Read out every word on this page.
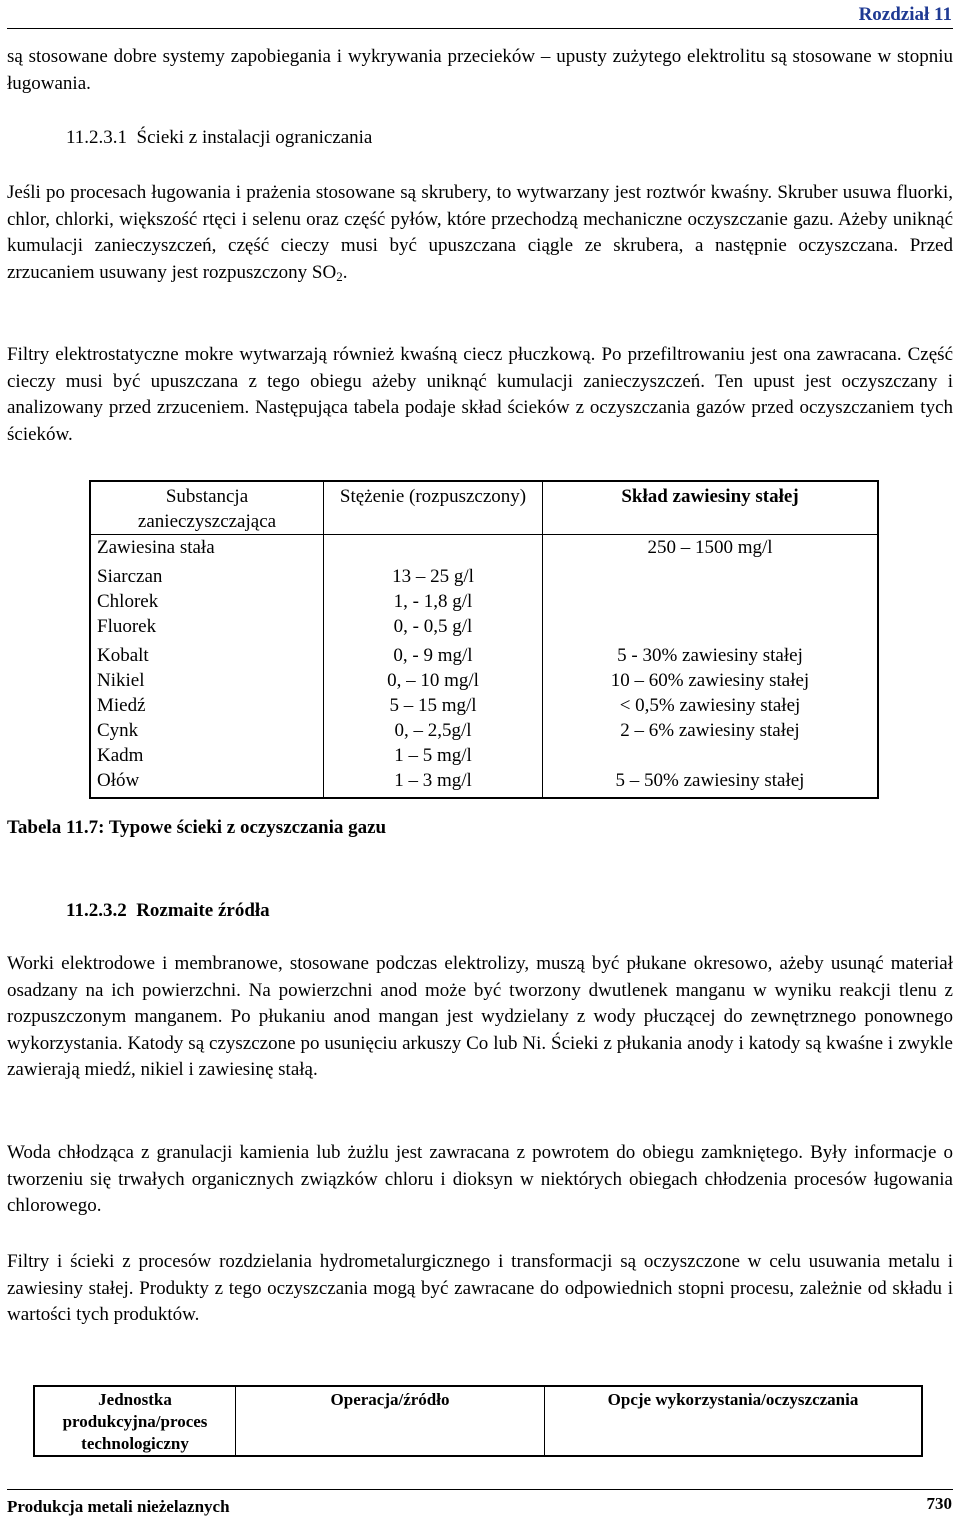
Rozdział 11

są stosowane dobre systemy zapobiegania i wykrywania przecieków – upusty zużytego elektrolitu są stosowane w stopniu ługowania.

11.2.3.1 Ścieki z instalacji ograniczania

Jeśli po procesach ługowania i prażenia stosowane są skrubery, to wytwarzany jest roztwór kwaśny. Skruber usuwa fluorki, chlor, chlorki, większość rtęci i selenu oraz część pyłów, które przechodzą mechaniczne oczyszczanie gazu. Ażeby uniknąć kumulacji zanieczyszczeń, część cieczy musi być upuszczana ciągle ze skrubera, a następnie oczyszczana. Przed zrzucaniem usuwany jest rozpuszczony $SO_2$.

Filtry elektrostatyczne mokre wytwarzają również kwaśną ciecz płuczkową. Po przefiltrowaniu jest ona zawracana. Część cieczy musi być upuszczana z tego obiegu ażeby uniknąć kumulacji zanieczyszczeń. Ten upust jest oczyszczany i analizowany przed zrzuceniem. Następująca tabela podaje skład ścieków z oczyszczania gazów przed oczyszczaniem tych ścieków.

Substancja zanieczyszczająca	Stężenie (rozpuszczony)	Skład zawiesiny stałej
Zawiesina stała		250 – 1500 mg/l
Siarczan	13 – 25 g/l	
Chlorek	1, - 1,8 g/l	
Fluorek	0, - 0,5 g/l	
Kobalt	0, - 9 mg/l	5 - 30% zawiesiny stałej
Nikiel	0, – 10 mg/l	10 – 60% zawiesiny stałej
Miedź	5 – 15 mg/l	< 0,5% zawiesiny stałej
Cynk	0, – 2,5g/l	2 – 6% zawiesiny stałej
Kadm	1 – 5 mg/l	
Ołów	1 – 3 mg/l	5 – 50% zawiesiny stałej
Tabela 11.7: Typowe ścieki z oczyszczania gazu
11.2.3.2 Rozmaite źródła

Worki elektrodowe i membranowe, stosowane podczas elektrolizy, muszą być płukane okresowo, ażeby usunąć materiał osadzany na ich powierzchni. Na powierzchni anod może być tworzony dwutlenek manganu w wyniku reakcji tlenu z rozpuszczonym manganem. Po płukaniu anod mangan jest wydzielany z wody płuczącej do zewnętrznego ponownego wykorzystania. Katody są czyszczone po usunięciu arkuszy Co lub Ni. Ścieki z płukania anody i katody są kwaśne i zwykle zawierają miedź, nikiel i zawiesinę stałą.

Woda chłodząca z granulacji kamienia lub żużlu jest zawracana z powrotem do obiegu zamkniętego. Były informacje o tworzeniu się trwałych organicznych związków chloru i dioksyn w niektórych obiegach chłodzenia procesów ługowania chlorowego.

Filtry i ścieki z procesów rozdzielania hydrometalurgicznego i transformacji są oczyszczone w celu usuwania metalu i zawiesiny stałej. Produkty z tego oczyszczania mogą być zawracane do odpowiednich stopni procesu, zależnie od składu i wartości tych produktów.

Jednostka produkcyjna/proces technologiczny	Operacja/źródło	Opcje wykorzystania/oczyszczania
Produkcja metali nieżelaznych	730
